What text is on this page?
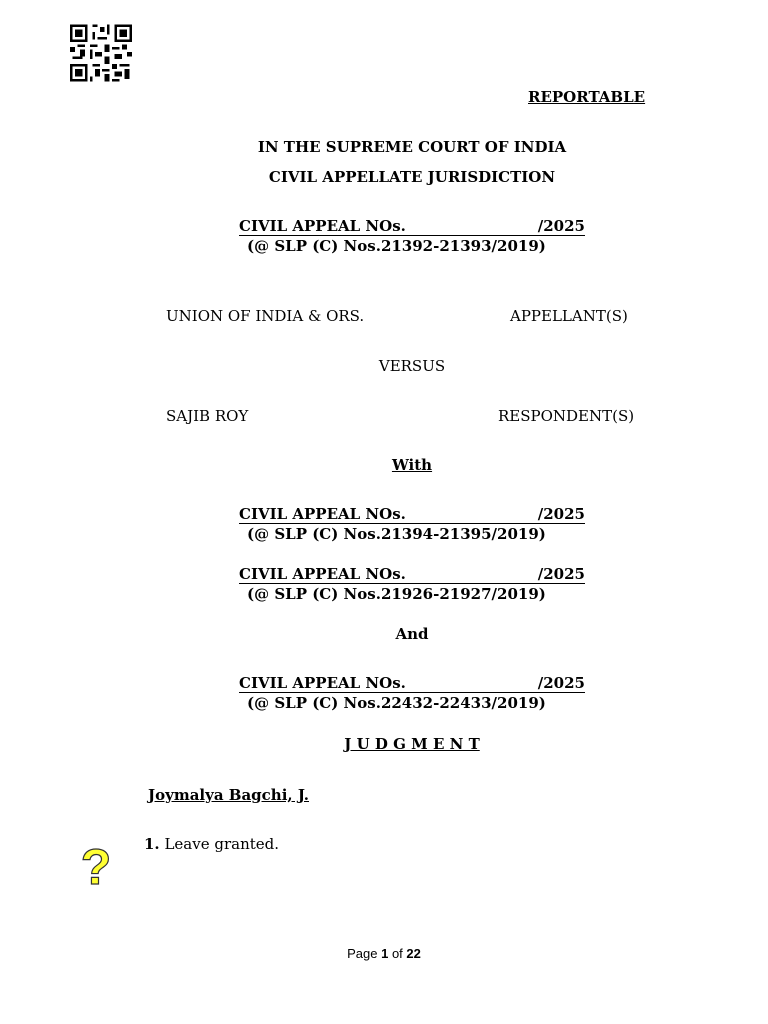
REPORTABLE
IN THE SUPREME COURT OF INDIA
CIVIL APPELLATE JURISDICTION
CIVIL APPEAL NOs.	/2025
(@ SLP (C) Nos.21392-21393/2019)
UNION OF INDIA & ORS.	APPELLANT(S)
VERSUS
SAJIB ROY	RESPONDENT(S)
With
CIVIL APPEAL NOs.	/2025
(@ SLP (C) Nos.21394-21395/2019)
CIVIL APPEAL NOs.	/2025
(@ SLP (C) Nos.21926-21927/2019)
And
CIVIL APPEAL NOs.	/2025
(@ SLP (C) Nos.22432-22433/2019)
J U D G M E N T
Joymalya Bagchi, J.
? 1. Leave granted.
Page 1 of 22
